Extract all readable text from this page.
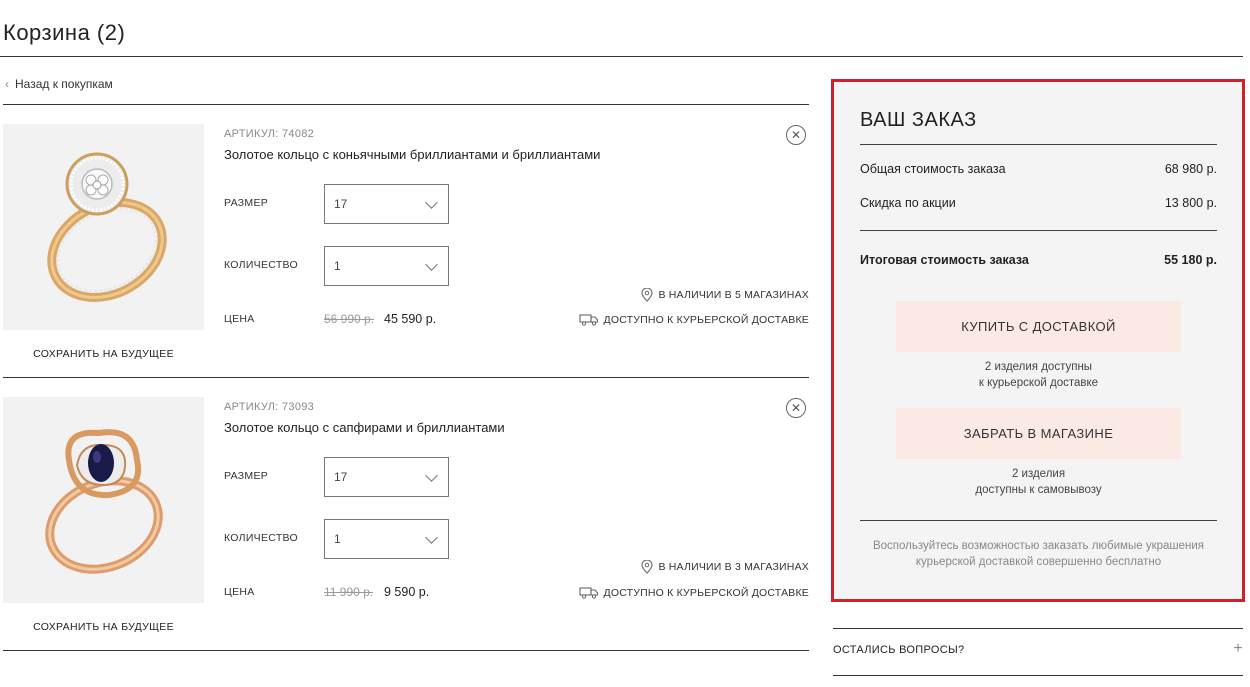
Корзина (2)
‹ Назад к покупкам
СОХРАНИТЬ НА БУДУЩЕЕ
АРТИКУЛ: 74082
Золотое кольцо с коньячными бриллиантами и бриллиантами
✕
РАЗМЕР	17
КОЛИЧЕСТВО	1
В НАЛИЧИИ В 5 МАГАЗИНАХ
ЦЕНА	56 990 р. 45 590 р.	ДОСТУПНО К КУРЬЕРСКОЙ ДОСТАВКЕ
СОХРАНИТЬ НА БУДУЩЕЕ
АРТИКУЛ: 73093
Золотое кольцо с сапфирами и бриллиантами
✕
РАЗМЕР	17
КОЛИЧЕСТВО	1
В НАЛИЧИИ В 3 МАГАЗИНАХ
ЦЕНА	11 990 р. 9 590 р.	ДОСТУПНО К КУРЬЕРСКОЙ ДОСТАВКЕ
ВАШ ЗАКАЗ
Общая стоимость заказа	68 980 р.
Скидка по акции	13 800 р.
Итоговая стоимость заказа	55 180 р.
КУПИТЬ С ДОСТАВКОЙ
2 изделия доступны
к курьерской доставке
ЗАБРАТЬ В МАГАЗИНЕ
2 изделия
доступны к самовывозу
Воспользуйтесь возможностью заказать любимые украшения
курьерской доставкой совершенно бесплатно
ОСТАЛИСЬ ВОПРОСЫ?	+
